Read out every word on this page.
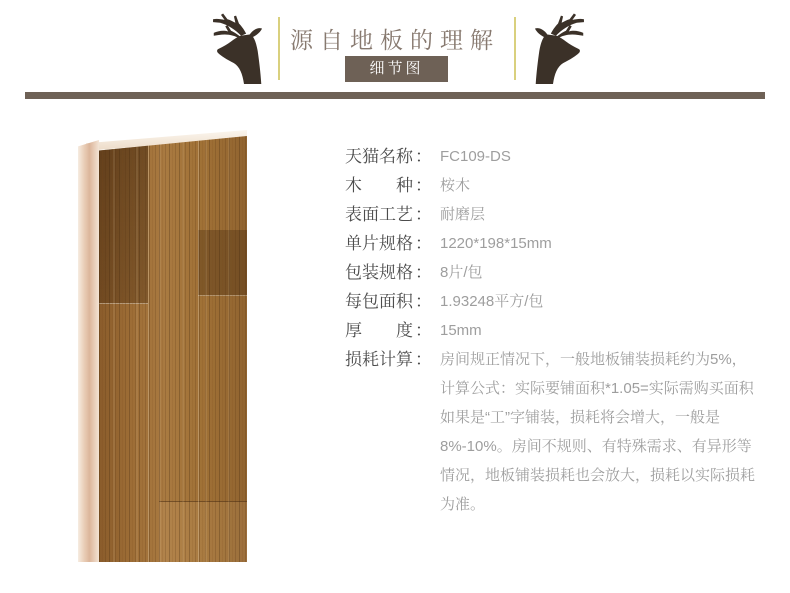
源自地板的理解
细节图
天猫名称 ： FC109-DS
木　　种 ： 桉木
表面工艺 ： 耐磨层
单片规格 ： 1220*198*15mm
包装规格 ： 8片/包
每包面积 ： 1.93248平方/包
厚　　度 ： 15mm
损耗计算 ： 房间规正情况下，一般地板铺装损耗约为5%，计算公式：实际要铺面积*1.05=实际需购买面积如果是“工”字铺装，损耗将会增大，一般是8%-10%。房间不规则、有特殊需求、有异形等情况，地板铺装损耗也会放大，损耗以实际损耗为准。
